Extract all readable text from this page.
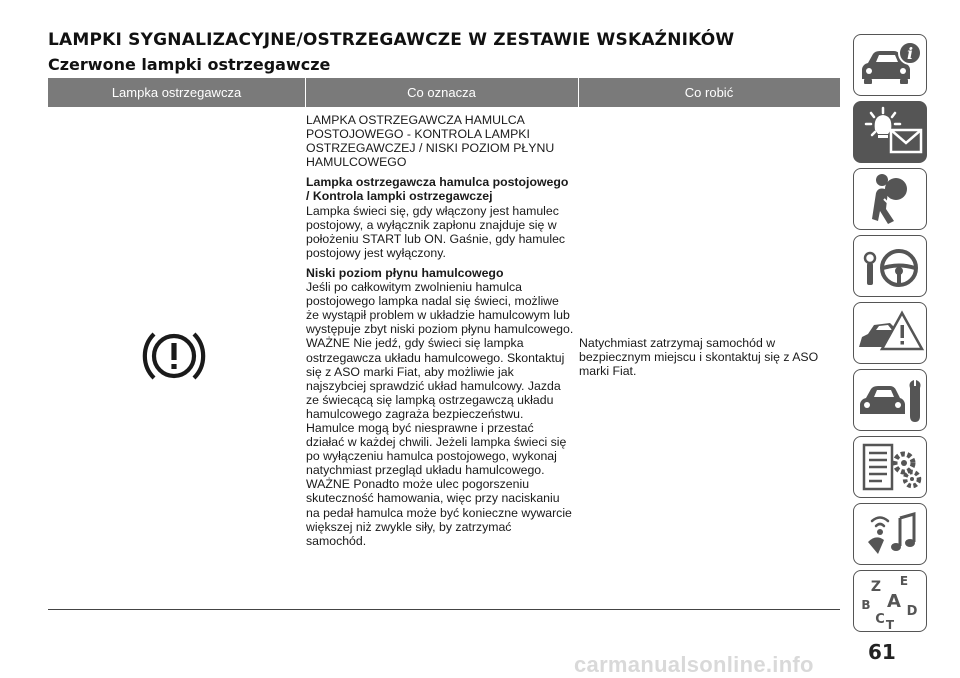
LAMPKI SYGNALIZACYJNE/OSTRZEGAWCZE W ZESTAWIE WSKAŹNIKÓW
Czerwone lampki ostrzegawcze
Lampka ostrzegawcza	Co oznacza	Co robić

LAMPKA OSTRZEGAWCZA HAMULCA POSTOJOWEGO - KONTROLA LAMPKI OSTRZEGAWCZEJ / NISKI POZIOM PŁYNU HAMULCOWEGO

Lampka ostrzegawcza hamulca postojowego / Kontrola lampki ostrzegawczej
Lampka świeci się, gdy włączony jest hamulec postojowy, a wyłącznik zapłonu znajduje się w położeniu START lub ON. Gaśnie, gdy hamulec postojowy jest wyłączony.

Niski poziom płynu hamulcowego
Jeśli po całkowitym zwolnieniu hamulca postojowego lampka nadal się świeci, możliwe że wystąpił problem w układzie hamulcowym lub występuje zbyt niski poziom płynu hamulcowego.
WAŻNE Nie jedź, gdy świeci się lampka ostrzegawcza układu hamulcowego. Skontaktuj się z ASO marki Fiat, aby możliwie jak najszybciej sprawdzić układ hamulcowy. Jazda ze świecącą się lampką ostrzegawczą układu hamulcowego zagraża bezpieczeństwu. Hamulce mogą być niesprawne i przestać działać w każdej chwili. Jeżeli lampka świeci się po wyłączeniu hamulca postojowego, wykonaj natychmiast przegląd układu hamulcowego.
WAŻNE Ponadto może ulec pogorszeniu skuteczność hamowania, więc przy naciskaniu na pedał hamulca może być konieczne wywarcie większej niż zwykle siły, by zatrzymać samochód.

Natychmiast zatrzymaj samochód w bezpiecznym miejscu i skontaktuj się z ASO marki Fiat.
i
Z E
B A
C
D
T
61
carmanualsonline.info
